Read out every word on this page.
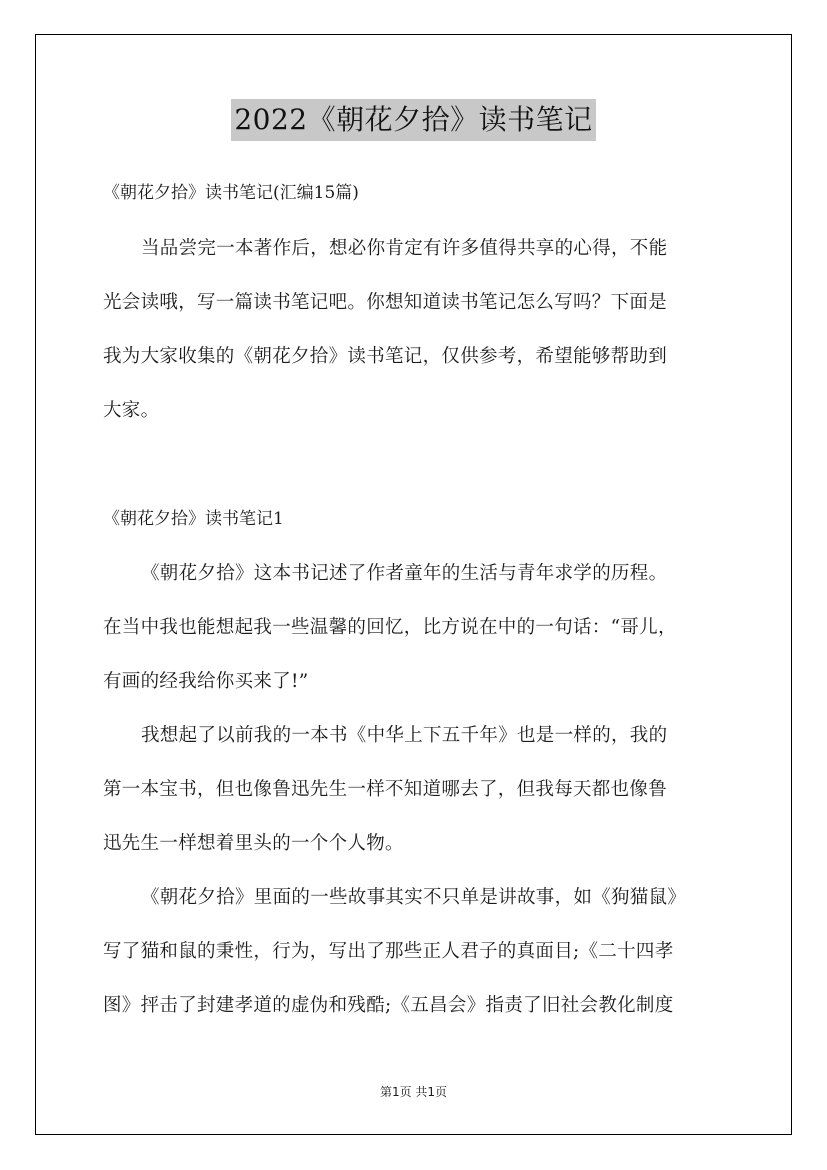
2022《朝花夕拾》读书笔记
《朝花夕拾》读书笔记(汇编15篇)
当品尝完一本著作后，想必你肯定有许多值得共享的心得，不能
光会读哦，写一篇读书笔记吧。你想知道读书笔记怎么写吗？下面是
我为大家收集的《朝花夕拾》读书笔记，仅供参考，希望能够帮助到
大家。
《朝花夕拾》读书笔记1
《朝花夕拾》这本书记述了作者童年的生活与青年求学的历程。
在当中我也能想起我一些温馨的回忆，比方说在中的一句话：“哥儿，
有画的经我给你买来了!”
我想起了以前我的一本书《中华上下五千年》也是一样的，我的
第一本宝书，但也像鲁迅先生一样不知道哪去了，但我每天都也像鲁
迅先生一样想着里头的一个个人物。
《朝花夕拾》里面的一些故事其实不只单是讲故事，如《狗猫鼠》
写了猫和鼠的秉性，行为，写出了那些正人君子的真面目;《二十四孝
图》抨击了封建孝道的虚伪和残酷;《五昌会》指责了旧社会教化制度
第1页 共1页
